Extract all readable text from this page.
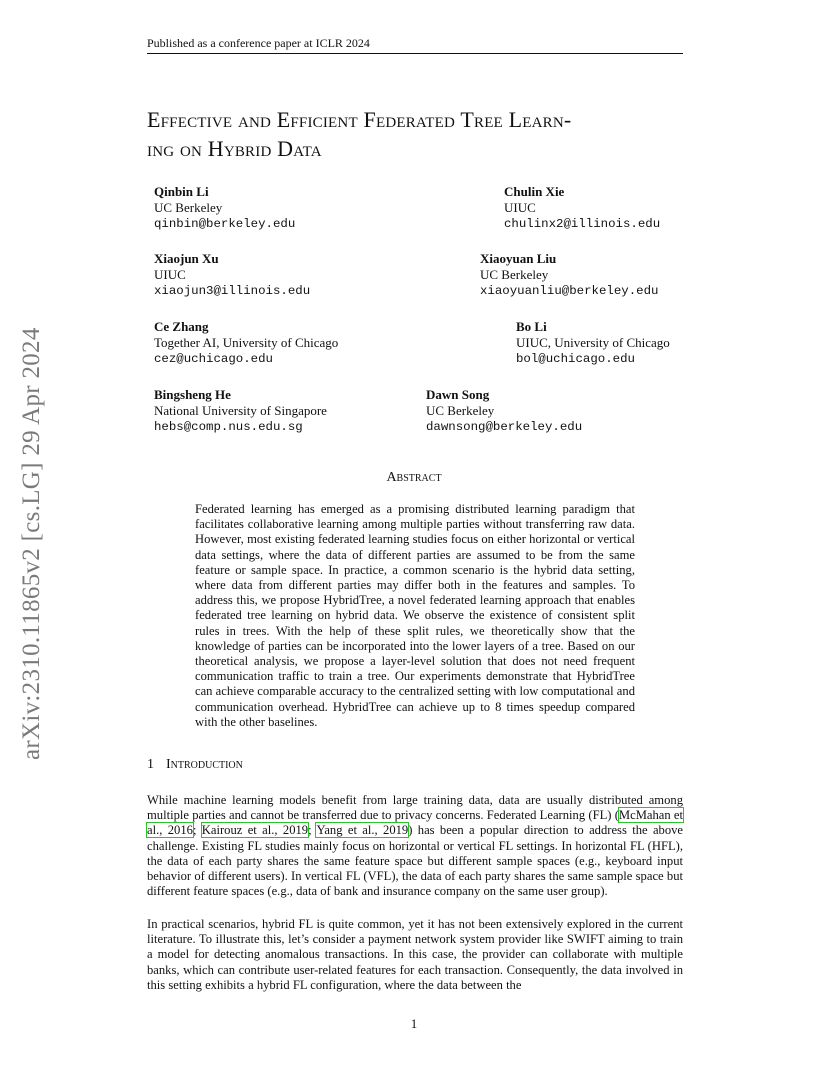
Published as a conference paper at ICLR 2024
Effective and Efficient Federated Tree Learn-
ing on Hybrid Data
Qinbin Li
UC Berkeley
qinbin@berkeley.edu
Chulin Xie
UIUC
chulinx2@illinois.edu
Xiaojun Xu
UIUC
xiaojun3@illinois.edu
Xiaoyuan Liu
UC Berkeley
xiaoyuanliu@berkeley.edu
Ce Zhang
Together AI, University of Chicago
cez@uchicago.edu
Bo Li
UIUC, University of Chicago
bol@uchicago.edu
Bingsheng He
National University of Singapore
hebs@comp.nus.edu.sg
Dawn Song
UC Berkeley
dawnsong@berkeley.edu
Abstract
Federated learning has emerged as a promising distributed learning paradigm that facilitates collaborative learning among multiple parties without transferring raw data. However, most existing federated learning studies focus on either horizontal or vertical data settings, where the data of different parties are assumed to be from the same feature or sample space. In practice, a common scenario is the hybrid data setting, where data from different parties may differ both in the features and samples. To address this, we propose HybridTree, a novel federated learning approach that enables federated tree learning on hybrid data. We observe the existence of consistent split rules in trees. With the help of these split rules, we theoretically show that the knowledge of parties can be incorporated into the lower layers of a tree. Based on our theoretical analysis, we propose a layer-level solution that does not need frequent communication traffic to train a tree. Our experiments demonstrate that HybridTree can achieve comparable accuracy to the centralized setting with low computational and communication overhead. HybridTree can achieve up to 8 times speedup compared with the other baselines.
1 Introduction
While machine learning models benefit from large training data, data are usually distributed among multiple parties and cannot be transferred due to privacy concerns. Federated Learning (FL) (McMahan et al., 2016; Kairouz et al., 2019; Yang et al., 2019) has been a popular direction to address the above challenge. Existing FL studies mainly focus on horizontal or vertical FL settings. In horizontal FL (HFL), the data of each party shares the same feature space but different sample spaces (e.g., keyboard input behavior of different users). In vertical FL (VFL), the data of each party shares the same sample space but different feature spaces (e.g., data of bank and insurance company on the same user group).
In practical scenarios, hybrid FL is quite common, yet it has not been extensively explored in the current literature. To illustrate this, let’s consider a payment network system provider like SWIFT aiming to train a model for detecting anomalous transactions. In this case, the provider can collaborate with multiple banks, which can contribute user-related features for each transaction. Consequently, the data involved in this setting exhibits a hybrid FL configuration, where the data between the
1
arXiv:2310.11865v2 [cs.LG] 29 Apr 2024
